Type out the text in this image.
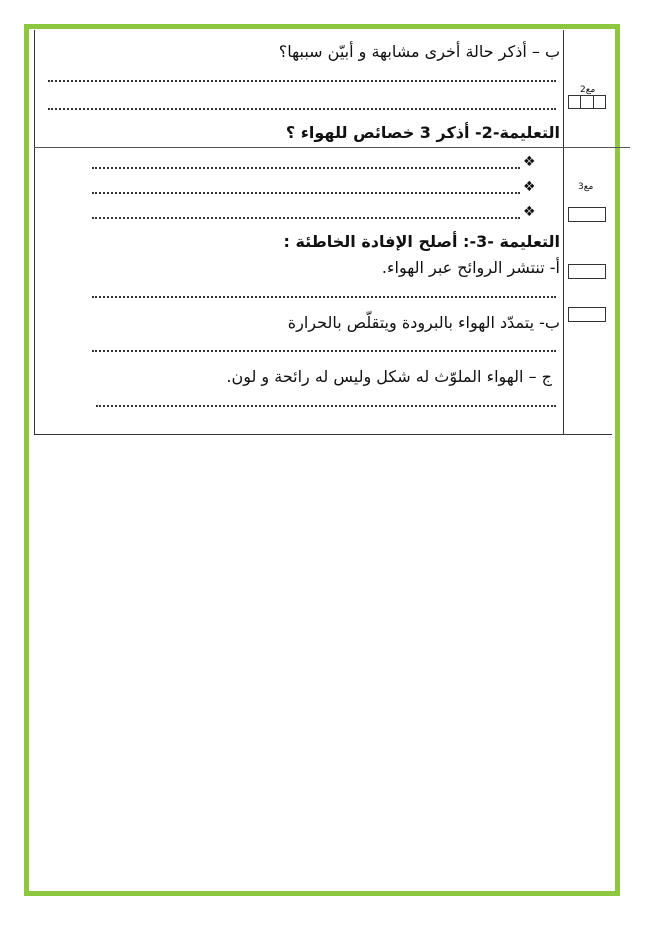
ب – أذكر حالة أخرى مشابهة و أبيّن سببها؟
مع2
التعليمة-2- أذكر 3 خصائص للهواء ؟
❖
❖
❖
مع3
التعليمة -3-: أصلح الإفادة الخاطئة :
أ- تنتشر الروائح عبر الهواء.
ب- يتمدّد الهواء بالبرودة ويتقلّص بالحرارة
ج – الهواء الملوّث له شكل وليس له رائحة و لون.
